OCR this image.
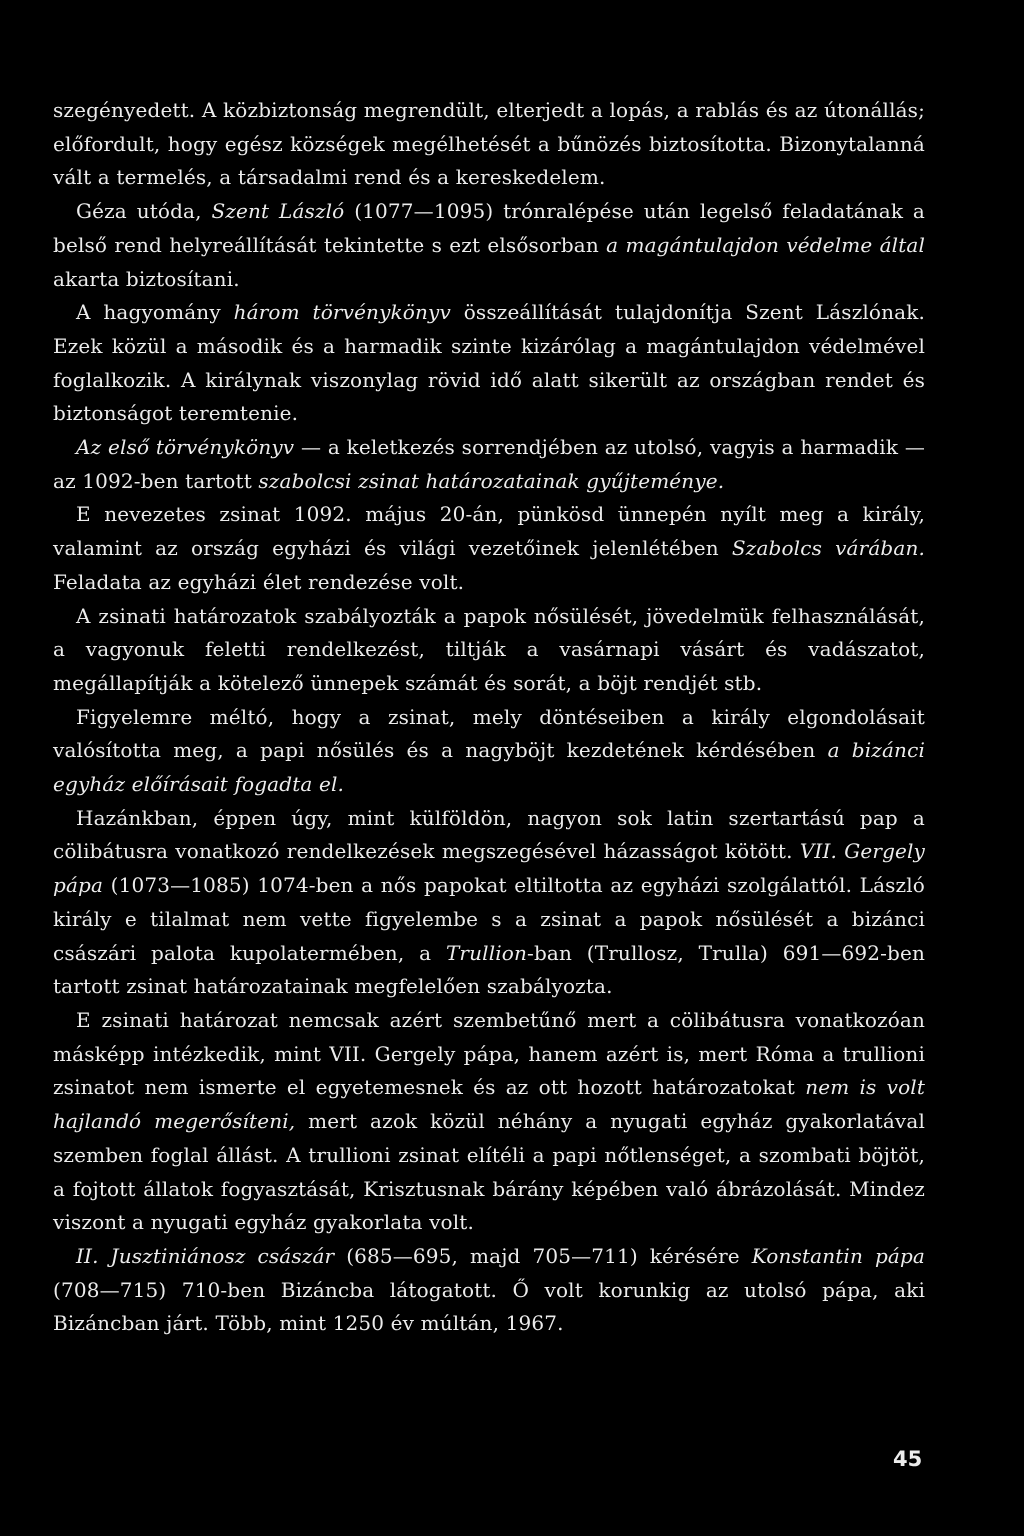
szegényedett. A közbiztonság megrendült, elterjedt a lopás, a rablás és az útonállás; előfordult, hogy egész községek megélhetését a bűnözés biztosította. Bizonytalanná vált a termelés, a társadalmi rend és a kereskedelem.

Géza utóda, Szent László (1077—1095) trónralépése után legelső feladatának a belső rend helyreállítását tekintette s ezt elsősorban a magántulajdon védelme által akarta biztosítani.

A hagyomány három törvénykönyv összeállítását tulajdonítja Szent Lászlónak. Ezek közül a második és a harmadik szinte kizárólag a magántulajdon védelmével foglalkozik. A királynak viszonylag rövid idő alatt sikerült az országban rendet és biztonságot teremtenie.

Az első törvénykönyv — a keletkezés sorrendjében az utolsó, vagyis a harmadik — az 1092-ben tartott szabolcsi zsinat határozatainak gyűjteménye.

E nevezetes zsinat 1092. május 20-án, pünkösd ünnepén nyílt meg a király, valamint az ország egyházi és világi vezetőinek jelenlétében Szabolcs várában. Feladata az egyházi élet rendezése volt.

A zsinati határozatok szabályozták a papok nősülését, jövedelmük felhasználását, a vagyonuk feletti rendelkezést, tiltják a vasárnapi vásárt és vadászatot, megállapítják a kötelező ünnepek számát és sorát, a böjt rendjét stb.

Figyelemre méltó, hogy a zsinat, mely döntéseiben a király elgondolásait valósította meg, a papi nősülés és a nagyböjt kezdetének kérdésében a bizánci egyház előírásait fogadta el.

Hazánkban, éppen úgy, mint külföldön, nagyon sok latin szertartású pap a cölibátusra vonatkozó rendelkezések megszegésével házasságot kötött. VII. Gergely pápa (1073—1085) 1074-ben a nős papokat eltiltotta az egyházi szolgálattól. László király e tilalmat nem vette figyelembe s a zsinat a papok nősülését a bizánci császári palota kupolatermében, a Trullion-ban (Trullosz, Trulla) 691—692-ben tartott zsinat határozatainak megfelelően szabályozta.

E zsinati határozat nemcsak azért szembetűnő mert a cölibátusra vonatkozóan másképp intézkedik, mint VII. Gergely pápa, hanem azért is, mert Róma a trullioni zsinatot nem ismerte el egyetemesnek és az ott hozott határozatokat nem is volt hajlandó megerősíteni, mert azok közül néhány a nyugati egyház gyakorlatával szemben foglal állást. A trullioni zsinat elítéli a papi nőtlenséget, a szombati böjtöt, a fojtott állatok fogyasztását, Krisztusnak bárány képében való ábrázolását. Mindez viszont a nyugati egyház gyakorlata volt.

II. Jusztiniánosz császár (685—695, majd 705—711) kérésére Konstantin pápa (708—715) 710-ben Bizáncba látogatott. Ő volt korunkig az utolsó pápa, aki Bizáncban járt. Több, mint 1250 év múltán, 1967.

45
